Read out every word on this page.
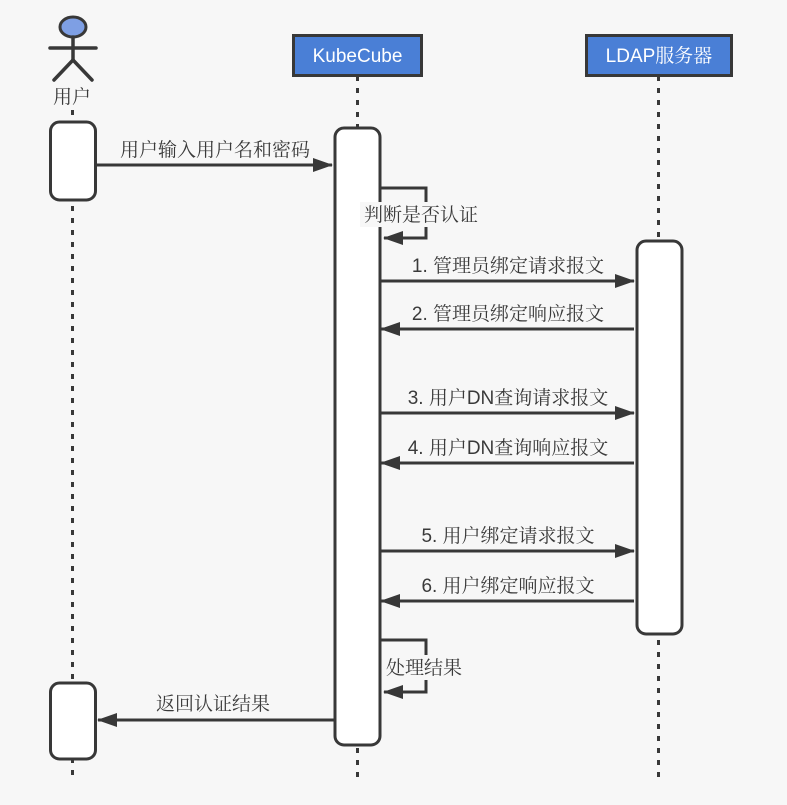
用户
KubeCube	LDAP服务器
用户输入用户名和密码
判断是否认证
1. 管理员绑定请求报文
2. 管理员绑定响应报文
3. 用户DN查询请求报文
4. 用户DN查询响应报文
5. 用户绑定请求报文
6. 用户绑定响应报文
处理结果
返回认证结果
